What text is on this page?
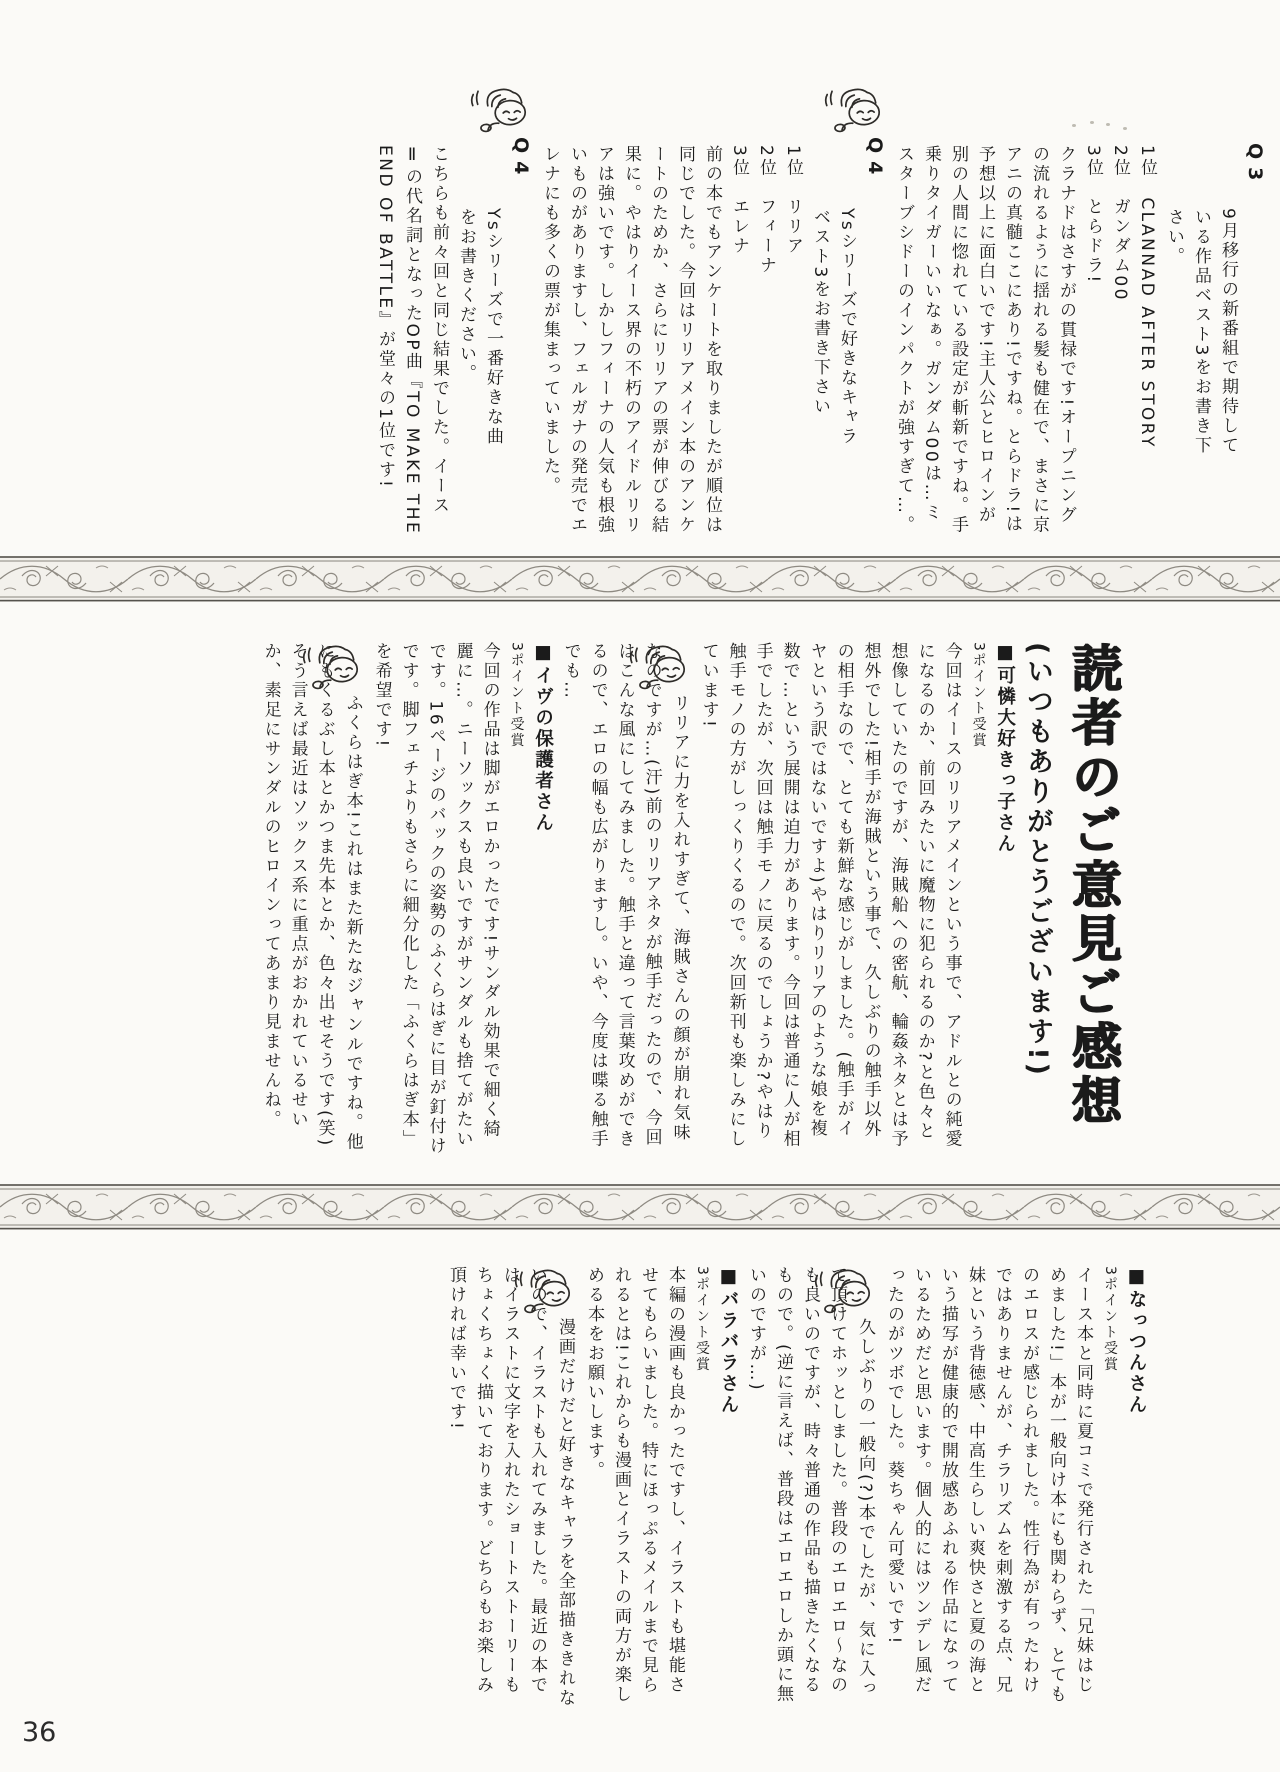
Q3

9月移行の新番組で期待している作品ベスト3をお書き下さい。

1位　CLANNAD AFTER STORY

2位　ガンダム00

3位　とらドラ!

クラナドはさすがの貫禄です!オープニングの流れるように揺れる髪も健在で、まさに京アニの真髄ここにあり!ですね。とらドラ!は予想以上に面白いです!主人公とヒロインが別の人間に惚れている設定が斬新ですね。手乗りタイガーいいなぁ。ガンダム00は…ミスターブシドーのインパクトが強すぎて…。

Q4

Ysシリーズで好きなキャラベスト3をお書き下さい

1位　リリア

2位　フィーナ

3位　エレナ

前の本でもアンケートを取りましたが順位は同じでした。今回はリリアメイン本のアンケートのためか、さらにリリアの票が伸びる結果に。やはりイース界の不朽のアイドルリリアは強いです。しかしフィーナの人気も根強いものがありますし、フェルガナの発売でエレナにも多くの票が集まっていました。

Q4

Ysシリーズで一番好きな曲をお書きください。

こちらも前々回と同じ結果でした。イースⅡの代名詞となったOP曲『TO MAKE THE END OF BATTLE』が堂々の1位です!

読者のご意見ご感想

(いつもありがとうございます!)

■可憐大好きっ子さん

3ポイント受賞

今回はイースのリリアメインという事で、アドルとの純愛になるのか、前回みたいに魔物に犯られるのか?と色々と想像していたのですが、海賊船への密航、輪姦ネタとは予想外でした!相手が海賊という事で、久しぶりの触手以外の相手なので、とても新鮮な感じがしました。(触手がイヤという訳ではないですよ)やはりリリアのような娘を複数で…という展開は迫力があります。今回は普通に人が相手でしたが、次回は触手モノに戻るのでしょうか?やはり触手モノの方がしっくりくるので。次回新刊も楽しみにしています!

リリアに力を入れすぎて、海賊さんの顔が崩れ気味なのですが…(汗)前のリリアネタが触手だったので、今回はこんな風にしてみました。触手と違って言葉攻めができるので、エロの幅も広がりますし。いや、今度は喋る触手でも…

■イヴの保護者さん

3ポイント受賞

今回の作品は脚がエロかったです!サンダル効果で細く綺麗に…。ニーソックスも良いですがサンダルも捨てがたいです。16ページのバックの姿勢のふくらはぎに目が釘付けです。脚フェチよりもさらに細分化した「ふくらはぎ本」を希望です!

ふくらはぎ本!これはまた新たなジャンルですね。他にもくるぶし本とかつま先本とか、色々出せそうです(笑)そう言えば最近はソックス系に重点がおかれているせいか、素足にサンダルのヒロインってあまり見ませんね。

■なっつんさん

3ポイント受賞

イース本と同時に夏コミで発行された「兄妹はじめました!」本が一般向け本にも関わらず、とてものエロスが感じられました。性行為が有ったわけではありませんが、チラリズムを刺激する点、兄妹という背徳感、中高生らしい爽快さと夏の海という描写が健康的で開放感あふれる作品になっているためだと思います。個人的にはツンデレ風だったのがツボでした。葵ちゃん可愛いです!

久しぶりの一般向(?)本でしたが、気に入って頂けてホッとしました。普段のエロエロ〜なのも良いのですが、時々普通の作品も描きたくなるもので。(逆に言えば、普段はエロエロしか頭に無いのですが…)

■バラバラさん

3ポイント受賞

本編の漫画も良かったですし、イラストも堪能させてもらいました。特にほっぷるメイルまで見られるとは!これからも漫画とイラストの両方が楽しめる本をお願いします。

漫画だけだと好きなキャラを全部描ききれないので、イラストも入れてみました。最近の本ではイラストに文字を入れたショートストーリーもちょくちょく描いております。どちらもお楽しみ頂ければ幸いです!

36
